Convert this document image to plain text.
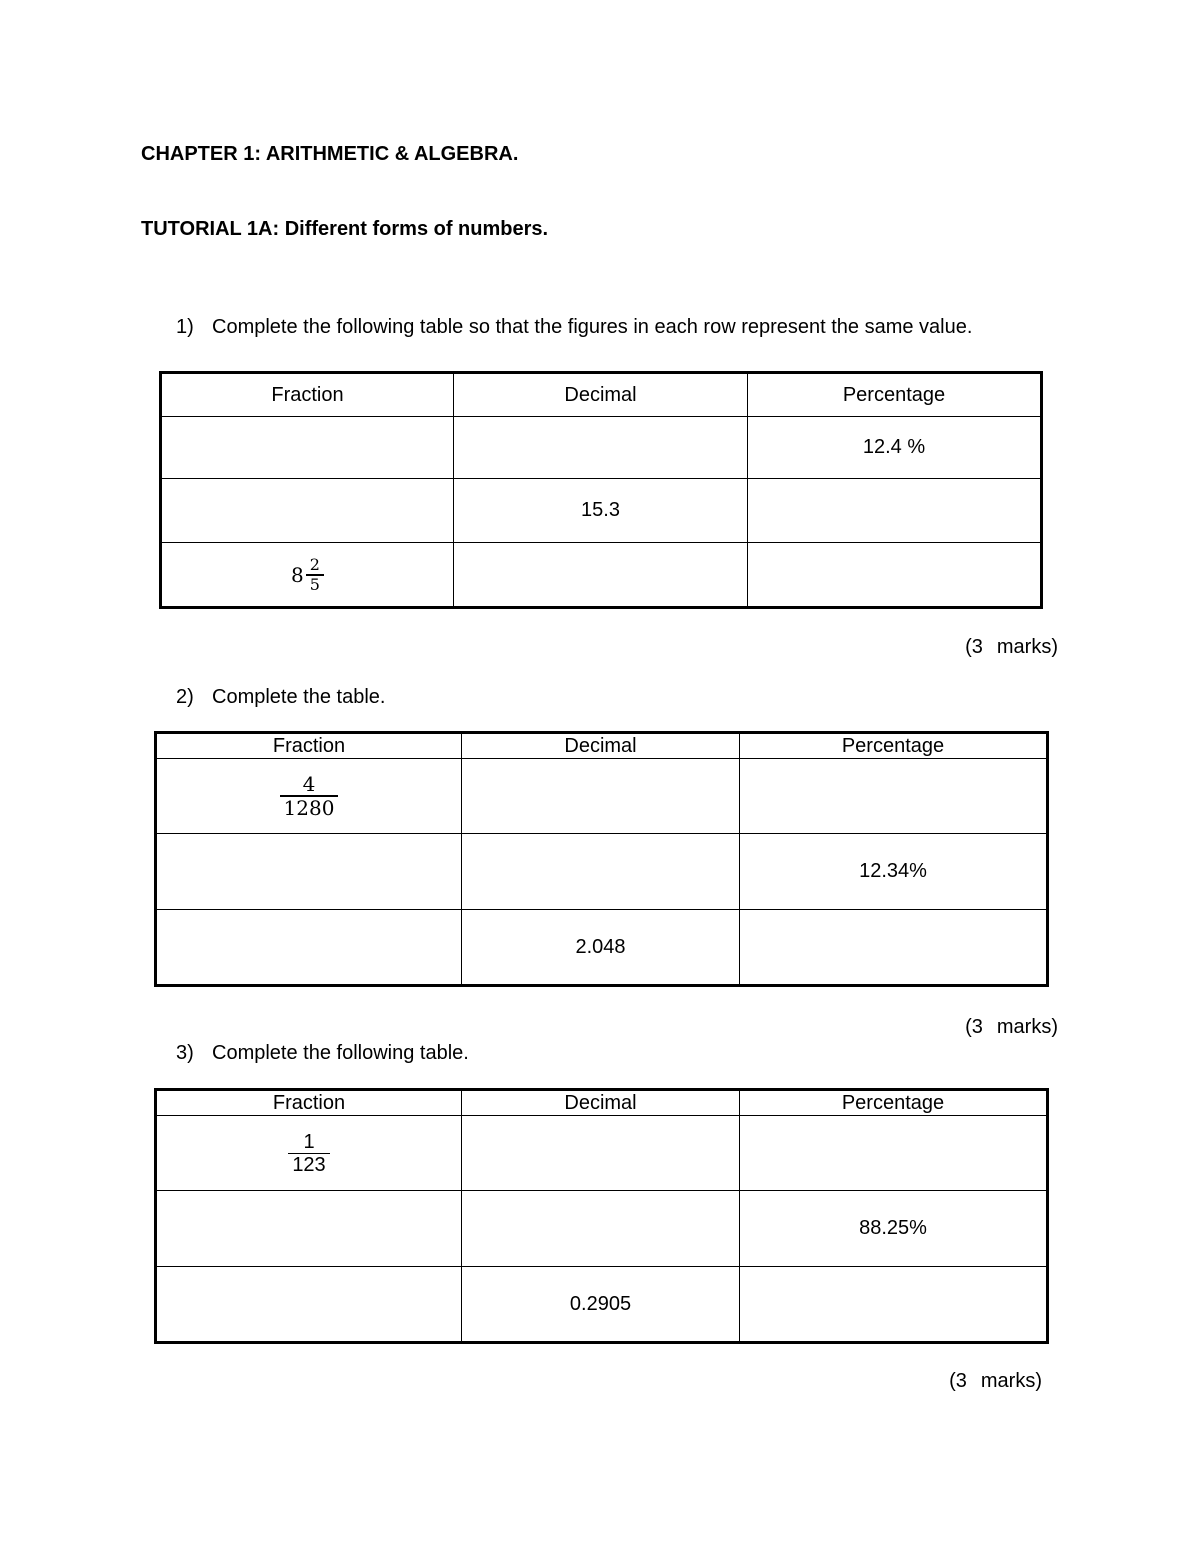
CHAPTER 1: ARITHMETIC & ALGEBRA.
TUTORIAL 1A: Different forms of numbers.
1) Complete the following table so that the figures in each row represent the same value.
Fraction	Decimal	Percentage
		12.4 %
	15.3	

$8 \frac{2}{5}$

(3 marks)
2) Complete the table.
Fraction	Decimal	Percentage

$\frac{4}{1280}$

		12.34%
	2.048	
(3 marks)
3) Complete the following table.
Fraction	Decimal	Percentage

$\frac{1}{123}$

		88.25%
	0.2905	
(3 marks)
